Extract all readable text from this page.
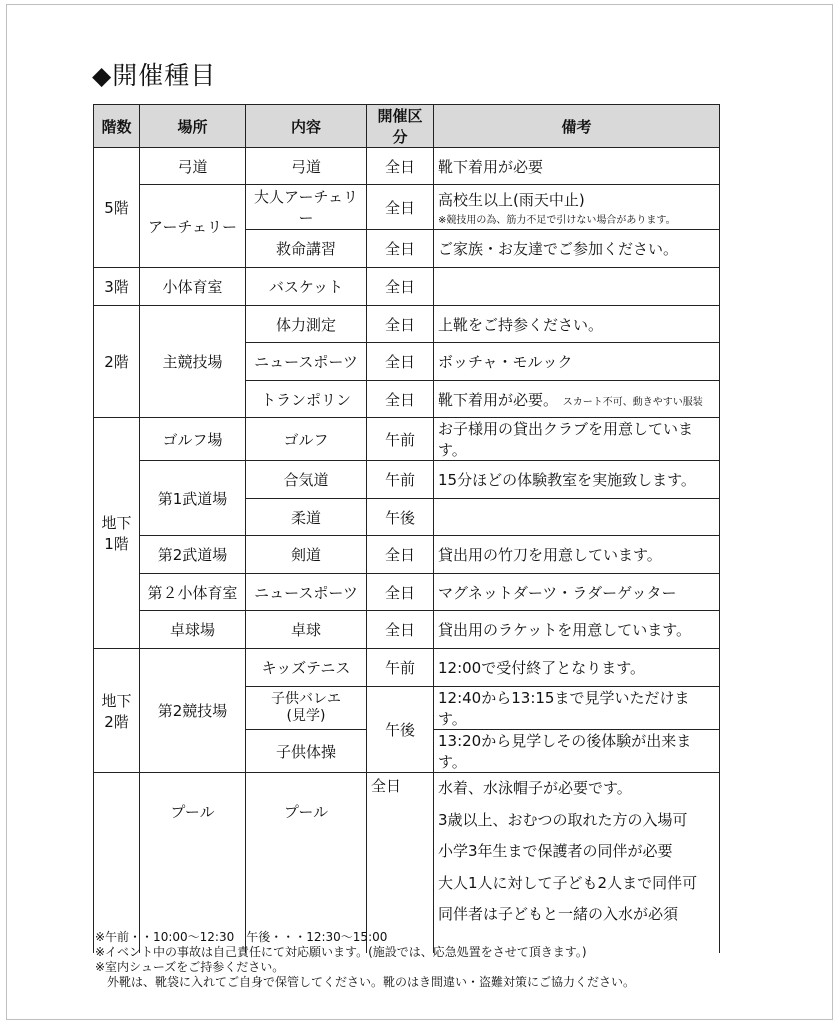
◆開催種目
階数	場所	内容	開催区分	備考
5階	弓道	弓道	全日	靴下着用が必要
	アーチェリー	大人アーチェリー	全日	高校生以上(雨天中止)
※競技用の為、筋力不足で引けない場合があります。

		救命講習	全日	ご家族・お友達でご参加ください。
3階	小体育室	バスケット	全日	
2階	主競技場	体力測定	全日	上靴をご持参ください。
		ニュースポーツ	全日	ボッチャ・モルック
		トランポリン	全日	靴下着用が必要。 スカート不可、動きやすい服装
地下
1階	ゴルフ場	ゴルフ	午前	お子様用の貸出クラブを用意しています。
	第1武道場	合気道	午前	15分ほどの体験教室を実施致します。
		柔道	午後	
	第2武道場	剣道	全日	貸出用の竹刀を用意しています。
	第２小体育室	ニュースポーツ	全日	マグネットダーツ・ラダーゲッター
	卓球場	卓球	全日	貸出用のラケットを用意しています。
地下
2階	第2競技場	キッズテニス	午前	12:00で受付終了となります。

		子供バレエ
(見学)	午後	12:40から13:15まで見学いただけます。
		子供体操		13:20から見学しその後体験が出来ます。
	プール	プール	全日	水着、水泳帽子が必要です。
3歳以上、おむつの取れた方の入場可
小学3年生まで保護者の同伴が必要
大人1人に対して子ども2人まで同伴可
同伴者は子どもと一緒の入水が必須
※午前・・10:00～12:30　午後・・・12:30～15:00
※イベント中の事故は自己責任にて対応願います。(施設では、応急処置をさせて頂きます。)
※室内シューズをご持参ください。
　外靴は、靴袋に入れてご自身で保管してください。靴のはき間違い・盗難対策にご協力ください。
